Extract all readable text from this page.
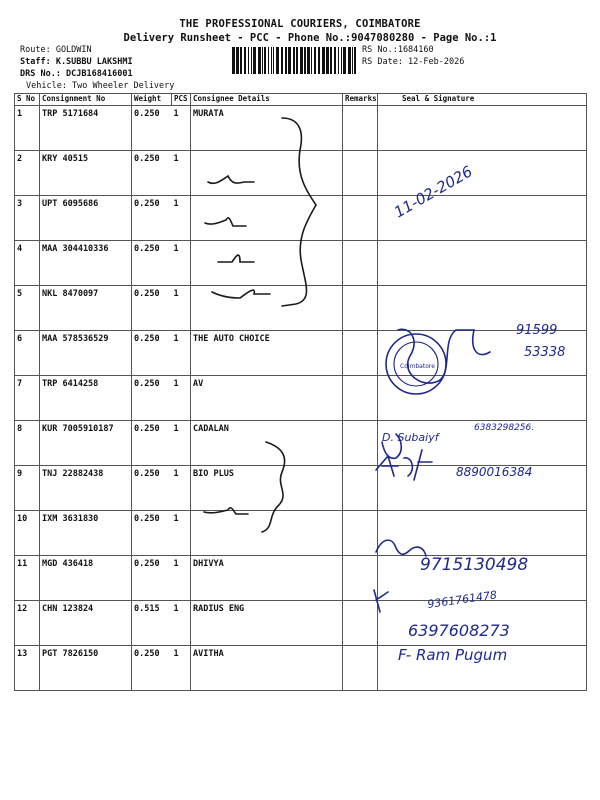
THE PROFESSIONAL COURIERS, COIMBATORE
Delivery Runsheet - PCC - Phone No.:9047080280 - Page No.:1
Route: GOLDWIN
Staff: K.SUBBU LAKSHMI
DRS No.: DCJB168416001
Vehicle: Two Wheeler Delivery
RS No.:1684160
RS Date: 12-Feb-2026
S No	Consignment No	Weight	PCS	Consignee Details	Remarks	Seal & Signature
1	TRP 5171684	0.250	1	MURATA		
2	KRY 40515	0.250	1			
3	UPT 6095686	0.250	1			
4	MAA 304410336	0.250	1			
5	NKL 8470097	0.250	1			
6	MAA 578536529	0.250	1	THE AUTO CHOICE		
7	TRP 6414258	0.250	1	AV		
8	KUR 7005910187	0.250	1	CADALAN		
9	TNJ 22882438	0.250	1	BIO PLUS		
10	IXM 3631830	0.250	1			
11	MGD 436418	0.250	1	DHIVYA		
12	CHN 123824	0.515	1	RADIUS ENG		
13	PGT 7826150	0.250	1	AVITHA		
11-02-2026
Coimbatore
91599
53338
D. Subaiyf
6383298256.
8890016384
9715130498
9361761478
6397608273
F- Ram Pugum
